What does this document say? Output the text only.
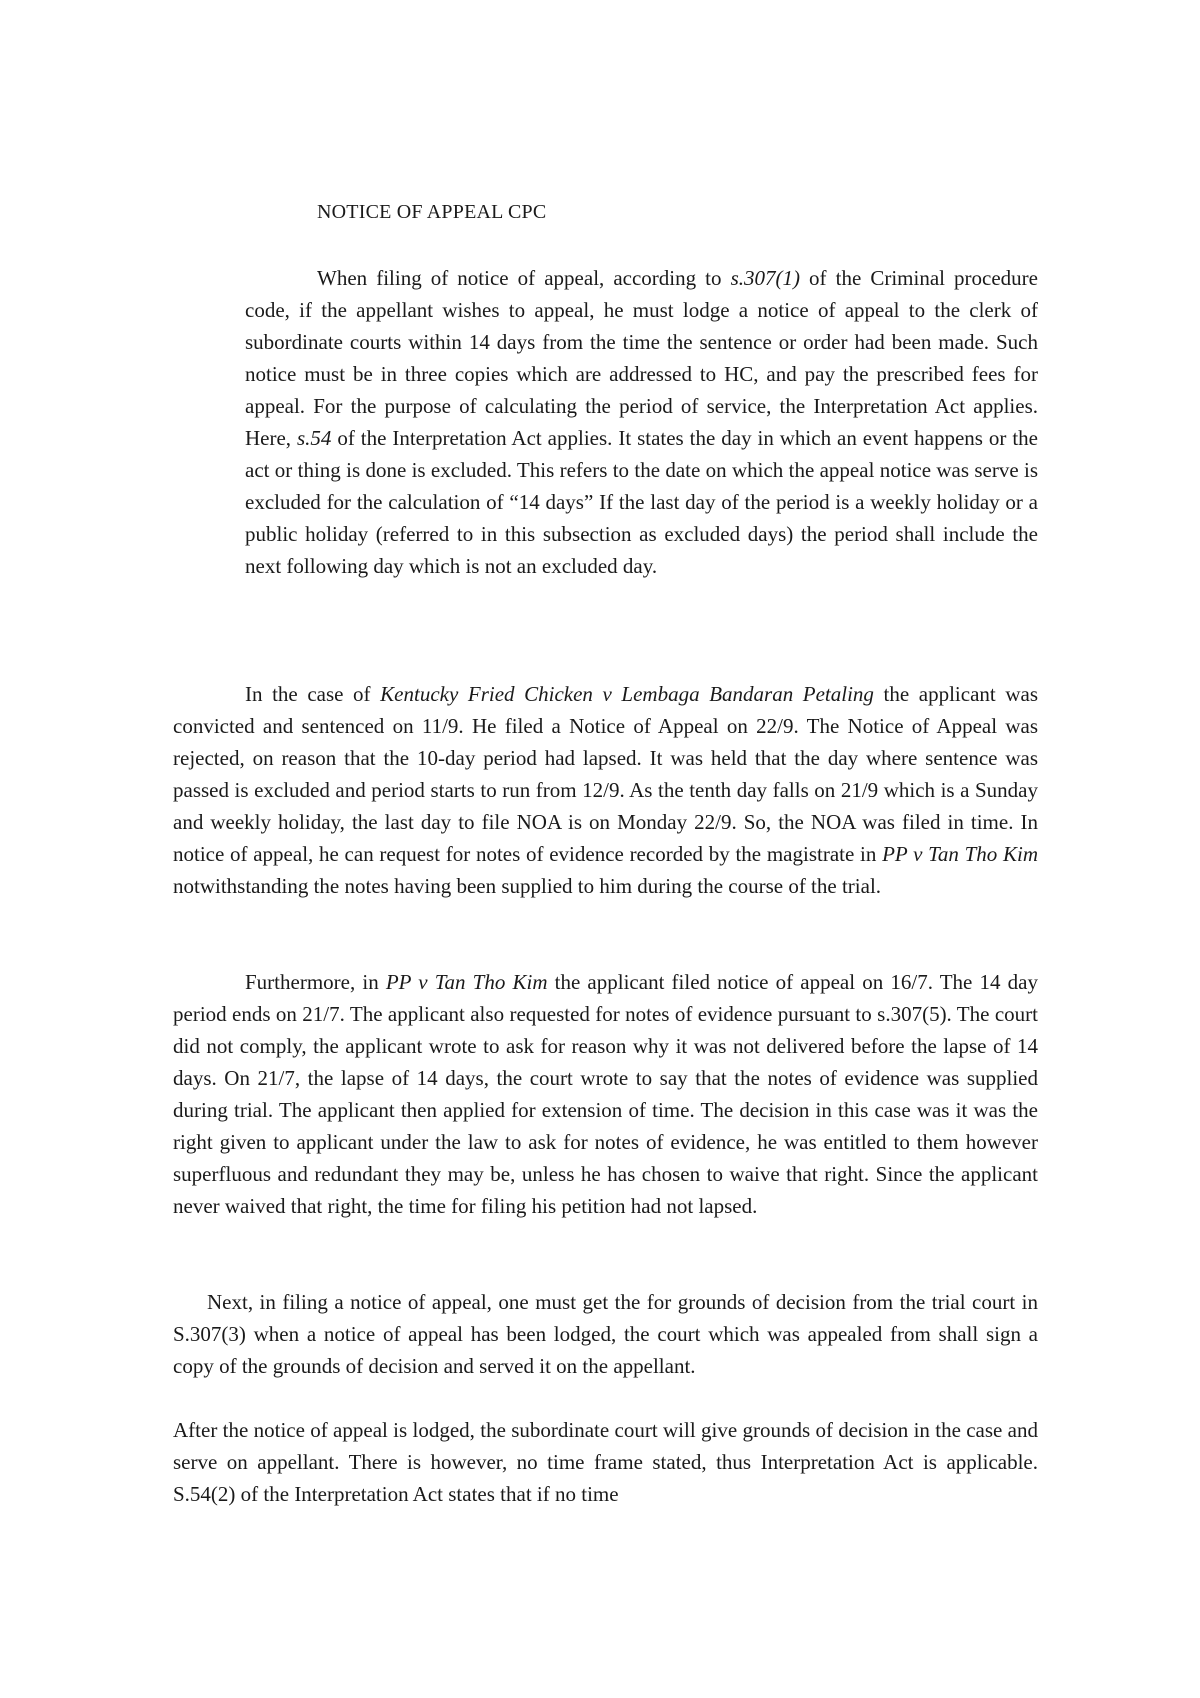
NOTICE OF APPEAL CPC

When filing of notice of appeal, according to s.307(1) of the Criminal procedure code, if the appellant wishes to appeal, he must lodge a notice of appeal to the clerk of subordinate courts within 14 days from the time the sentence or order had been made. Such notice must be in three copies which are addressed to HC, and pay the prescribed fees for appeal. For the purpose of calculating the period of service, the Interpretation Act applies. Here, s.54 of the Interpretation Act applies. It states the day in which an event happens or the act or thing is done is excluded. This refers to the date on which the appeal notice was serve is excluded for the calculation of “14 days” If the last day of the period is a weekly holiday or a public holiday (referred to in this subsection as excluded days) the period shall include the next following day which is not an excluded day.

In the case of Kentucky Fried Chicken v Lembaga Bandaran Petaling the applicant was convicted and sentenced on 11/9. He filed a Notice of Appeal on 22/9. The Notice of Appeal was rejected, on reason that the 10-day period had lapsed. It was held that the day where sentence was passed is excluded and period starts to run from 12/9. As the tenth day falls on 21/9 which is a Sunday and weekly holiday, the last day to file NOA is on Monday 22/9. So, the NOA was filed in time. In notice of appeal, he can request for notes of evidence recorded by the magistrate in PP v Tan Tho Kim notwithstanding the notes having been supplied to him during the course of the trial.

Furthermore, in PP v Tan Tho Kim the applicant filed notice of appeal on 16/7. The 14 day period ends on 21/7. The applicant also requested for notes of evidence pursuant to s.307(5). The court did not comply, the applicant wrote to ask for reason why it was not delivered before the lapse of 14 days. On 21/7, the lapse of 14 days, the court wrote to say that the notes of evidence was supplied during trial. The applicant then applied for extension of time. The decision in this case was it was the right given to applicant under the law to ask for notes of evidence, he was entitled to them however superfluous and redundant they may be, unless he has chosen to waive that right. Since the applicant never waived that right, the time for filing his petition had not lapsed.

Next, in filing a notice of appeal, one must get the for grounds of decision from the trial court in S.307(3) when a notice of appeal has been lodged, the court which was appealed from shall sign a copy of the grounds of decision and served it on the appellant.

After the notice of appeal is lodged, the subordinate court will give grounds of decision in the case and serve on appellant. There is however, no time frame stated, thus Interpretation Act is applicable. S.54(2) of the Interpretation Act states that if no time
